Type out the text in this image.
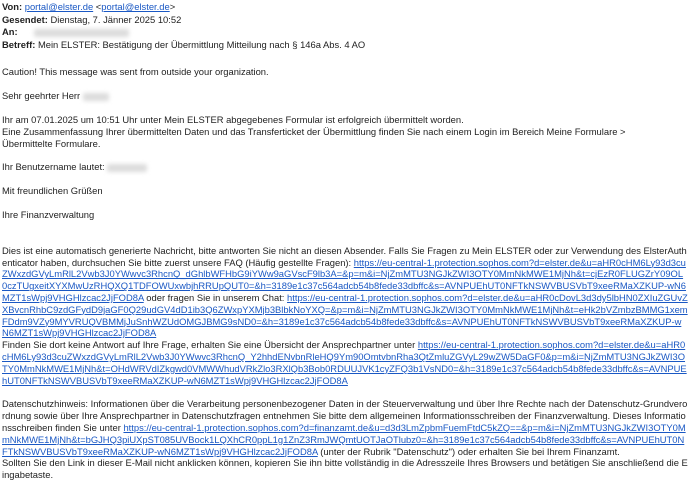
Von: portal@elster.de <portal@elster.de>
Gesendet: Dienstag, 7. Jänner 2025 10:52
An:
Betreff: Mein ELSTER: Bestätigung der Übermittlung Mitteilung nach § 146a Abs. 4 AO

Caution! This message was sent from outside your organization.

Sehr geehrter Herr

Ihr am 07.01.2025 um 10:51 Uhr unter Mein ELSTER abgegebenes Formular ist erfolgreich übermittelt worden.

Eine Zusammenfassung Ihrer übermittelten Daten und das Transferticket der Übermittlung finden Sie nach einem Login im Bereich Meine Formulare >

Übermittelte Formulare.

Ihr Benutzername lautet:

Mit freundlichen Grüßen

Ihre Finanzverwaltung

Dies ist eine automatisch generierte Nachricht, bitte antworten Sie nicht an diesen Absender. Falls Sie Fragen zu Mein ELSTER oder zur Verwendung des ElsterAuthenticator haben, durchsuchen Sie bitte zuerst unsere FAQ (Häufig gestellte Fragen): https://eu-central-1.protection.sophos.com?d=elster.de&u=aHR0cHM6Ly93d3cuZWxzdGVyLmRlL2Vwb3J0YWwvc3RhcnQ_dGhlbWFHbG9iYWw9aGVscF9lb3A=&p=m&i=NjZmMTU3NGJkZWI3OTY0MmNkMWE1MjNh&t=cjEzR0FLUGZrY09OL0czTUgxeitXYXMwUzRHQXQ1TDFOWUxwbjhRRUpQUT0=&h=3189e1c37c564adcb54b8fede33dbffc&s=AVNPUEhUT0NFTkNSWVBUSVbT9xeeRMaXZKUP-wN6MZT1sWpj9VHGHlzcac2JjFOD8A oder fragen Sie in unserem Chat: https://eu-central-1.protection.sophos.com?d=elster.de&u=aHR0cDovL3d3dy5lbHN0ZXIuZGUvZXBvcnRhbC9zdGFydD9jaGF0Q29udGV4dD1ib3Q6ZWxpYXMjb3BlbkNoYXQ=&p=m&i=NjZmMTU3NGJkZWI3OTY0MmNkMWE1MjNh&t=eHk2bVZmbzBMMG1xemFDdm9VZy9MYVRUQVBMMjJuSnhWZUdOMGJBMG9sND0=&h=3189e1c37c564adcb54b8fede33dbffc&s=AVNPUEhUT0NFTkNSWVBUSVbT9xeeRMaXZKUP-wN6MZT1sWpj9VHGHlzcac2JjFOD8A

Finden Sie dort keine Antwort auf Ihre Frage, erhalten Sie eine Übersicht der Ansprechpartner unter https://eu-central-1.protection.sophos.com?d=elster.de&u=aHR0cHM6Ly93d3cuZWxzdGVyLmRlL2Vwb3J0YWwvc3RhcnQ_Y2hhdENvbnRleHQ9Ym90OmtvbnRha3QtZmluZGVyL29wZW5DaGF0&p=m&i=NjZmMTU3NGJkZWI3OTY0MmNkMWE1MjNh&t=OHdWRVdIZkgwd0VMWWhudVRkZlo3RXlQb3Bob0RDUUJVK1cyZFQ3b1VsND0=&h=3189e1c37c564adcb54b8fede33dbffc&s=AVNPUEhUT0NFTkNSWVBUSVbT9xeeRMaXZKUP-wN6MZT1sWpj9VHGHlzcac2JjFOD8A

Datenschutzhinweis: Informationen über die Verarbeitung personenbezogener Daten in der Steuerverwaltung und über Ihre Rechte nach der Datenschutz-Grundverordnung sowie über Ihre Ansprechpartner in Datenschutzfragen entnehmen Sie bitte dem allgemeinen Informationsschreiben der Finanzverwaltung. Dieses Informationsschreiben finden Sie unter https://eu-central-1.protection.sophos.com?d=finanzamt.de&u=d3d3LmZpbmFuemFtdC5kZQ==&p=m&i=NjZmMTU3NGJkZWI3OTY0MmNkMWE1MjNh&t=bGJHQ3piUXpST085UVBock1LQXhCR0ppL1g1ZnZ3RmJWQmtUOTJaOTlubz0=&h=3189e1c37c564adcb54b8fede33dbffc&s=AVNPUEhUT0NFTkNSWVBUSVbT9xeeRMaXZKUP-wN6MZT1sWpj9VHGHlzcac2JjFOD8A (unter der Rubrik "Datenschutz") oder erhalten Sie bei Ihrem Finanzamt.

Sollten Sie den Link in dieser E-Mail nicht anklicken können, kopieren Sie ihn bitte vollständig in die Adresszeile Ihres Browsers und betätigen Sie anschließend die Eingabetaste.
